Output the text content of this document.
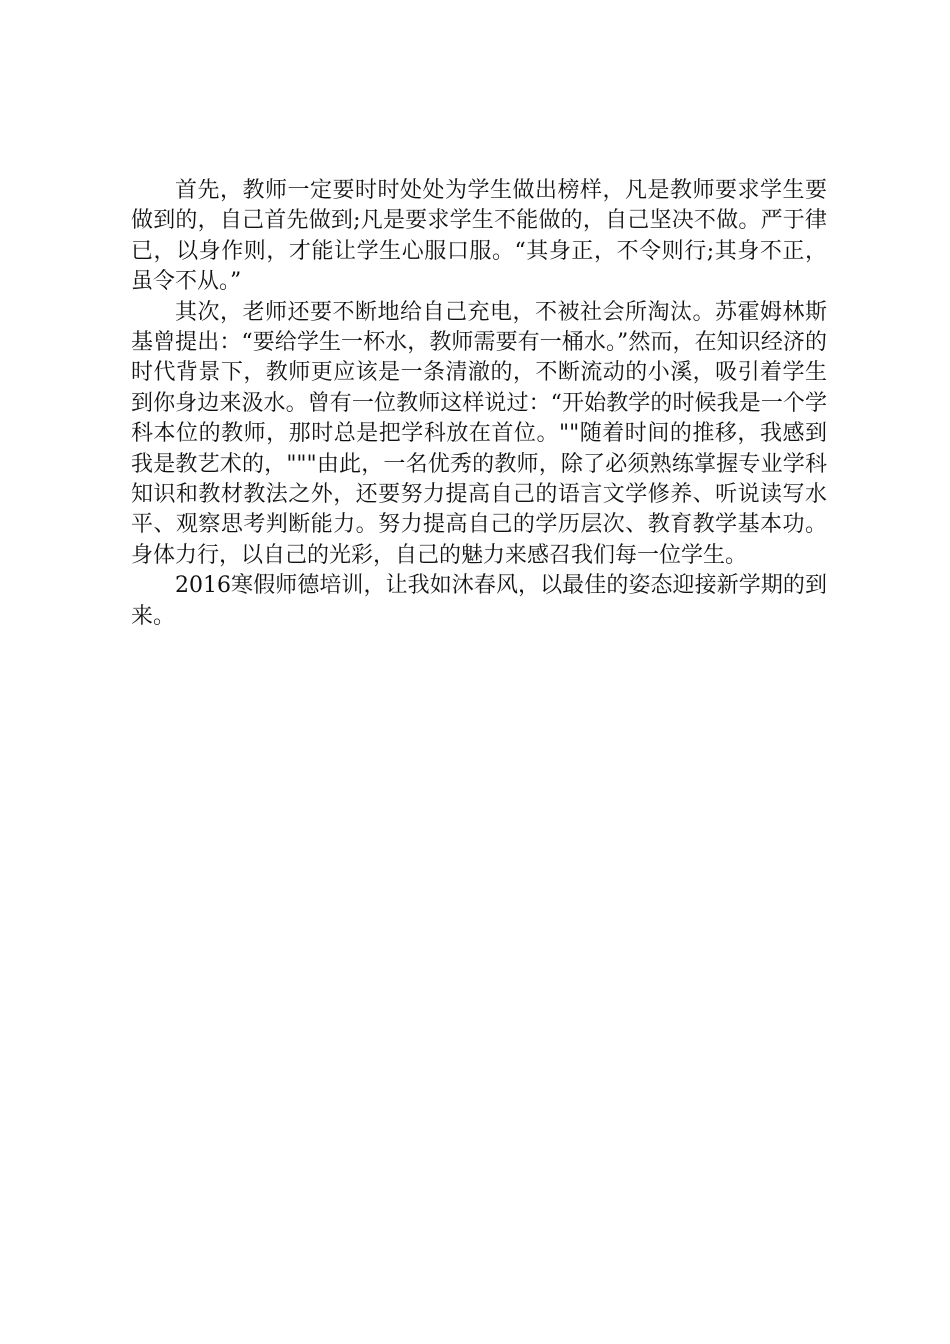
首先，教师一定要时时处处为学生做出榜样，凡是教师要求学生要做到的，自己首先做到;凡是要求学生不能做的，自己坚决不做。严于律已，以身作则，才能让学生心服口服。“其身正，不令则行;其身不正，虽令不从。”

其次，老师还要不断地给自己充电，不被社会所淘汰。苏霍姆林斯基曾提出：“要给学生一杯水，教师需要有一桶水。”然而，在知识经济的时代背景下，教师更应该是一条清澈的，不断流动的小溪，吸引着学生到你身边来汲水。曾有一位教师这样说过：“开始教学的时候我是一个学科本位的教师，那时总是把学科放在首位。""随着时间的推移，我感到我是教艺术的，"""由此，一名优秀的教师，除了必须熟练掌握专业学科知识和教材教法之外，还要努力提高自己的语言文学修养、听说读写水平、观察思考判断能力。努力提高自己的学历层次、教育教学基本功。身体力行，以自己的光彩，自己的魅力来感召我们每一位学生。

2016寒假师德培训，让我如沐春风，以最佳的姿态迎接新学期的到来。
